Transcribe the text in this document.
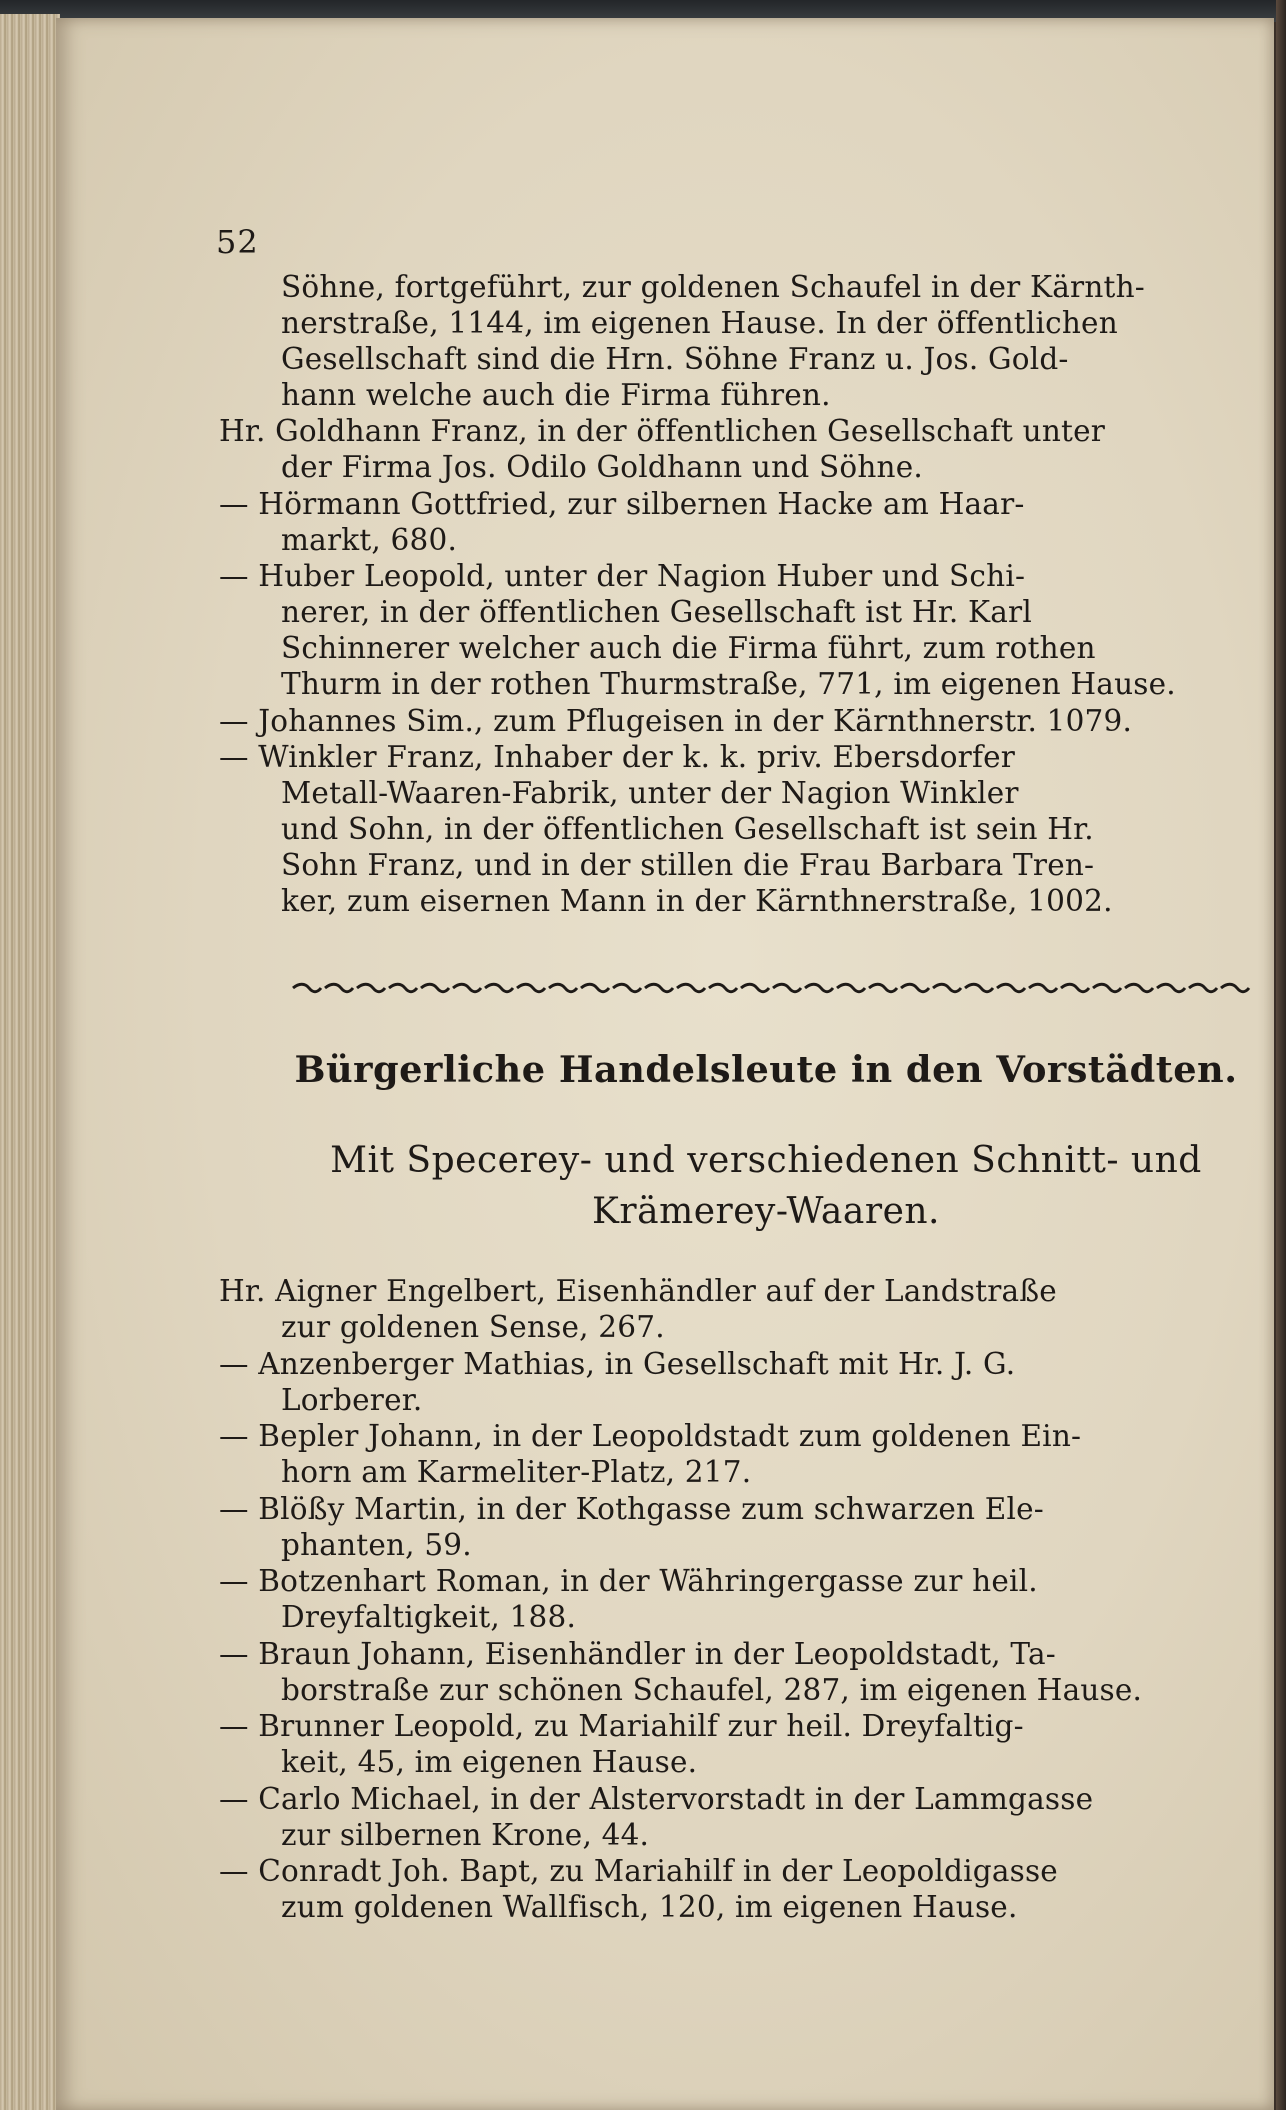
52
Söhne, fortgeführt, zur goldenen Schaufel in der Kärnth-
nerstraße, 1144, im eigenen Hause. In der öffentlichen
Gesellschaft sind die Hrn. Söhne Franz u. Jos. Gold-
hann welche auch die Firma führen.
Hr. Goldhann Franz, in der öffentlichen Gesellschaft unter
der Firma Jos. Odilo Goldhann und Söhne.
— Hörmann Gottfried, zur silbernen Hacke am Haar-
markt, 680.
— Huber Leopold, unter der Nagion Huber und Schi-
nerer, in der öffentlichen Gesellschaft ist Hr. Karl
Schinnerer welcher auch die Firma führt, zum rothen
Thurm in der rothen Thurmstraße, 771, im eigenen Hause.
— Johannes Sim., zum Pflugeisen in der Kärnthnerstr. 1079.
— Winkler Franz, Inhaber der k. k. priv. Ebersdorfer
Metall-Waaren-Fabrik, unter der Nagion Winkler
und Sohn, in der öffentlichen Gesellschaft ist sein Hr.
Sohn Franz, und in der stillen die Frau Barbara Tren-
ker, zum eisernen Mann in der Kärnthnerstraße, 1002.
Bürgerliche Handelsleute in den Vorstädten.
Mit Specerey- und verschiedenen Schnitt- und
Krämerey-Waaren.
Hr. Aigner Engelbert, Eisenhändler auf der Landstraße
zur goldenen Sense, 267.
— Anzenberger Mathias, in Gesellschaft mit Hr. J. G.
Lorberer.
— Bepler Johann, in der Leopoldstadt zum goldenen Ein-
horn am Karmeliter-Platz, 217.
— Blößy Martin, in der Kothgasse zum schwarzen Ele-
phanten, 59.
— Botzenhart Roman, in der Währingergasse zur heil.
Dreyfaltigkeit, 188.
— Braun Johann, Eisenhändler in der Leopoldstadt, Ta-
borstraße zur schönen Schaufel, 287, im eigenen Hause.
— Brunner Leopold, zu Mariahilf zur heil. Dreyfaltig-
keit, 45, im eigenen Hause.
— Carlo Michael, in der Alstervorstadt in der Lammgasse
zur silbernen Krone, 44.
— Conradt Joh. Bapt, zu Mariahilf in der Leopoldigasse
zum goldenen Wallfisch, 120, im eigenen Hause.
